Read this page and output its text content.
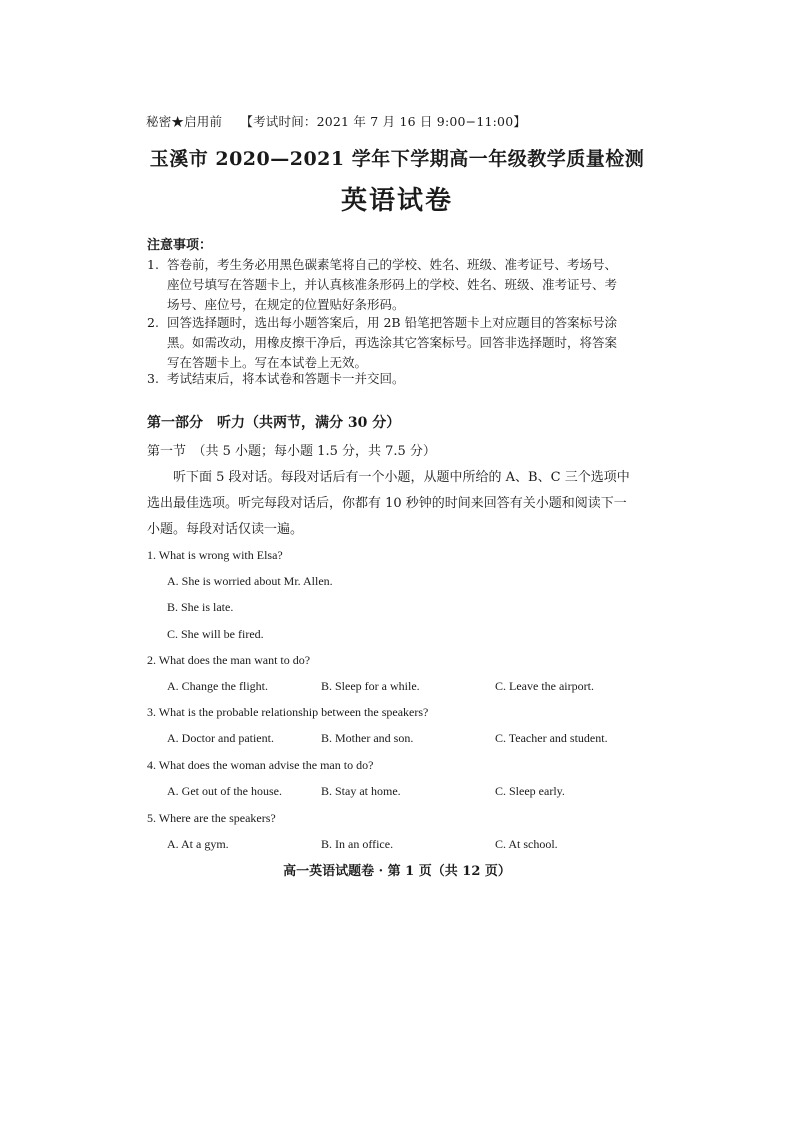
秘密★启用前 【考试时间：2021 年 7 月 16 日 9:00−11:00】
玉溪市 2020—2021 学年下学期高一年级教学质量检测
英语试卷
注意事项：
1. 答卷前，考生务必用黑色碳素笔将自己的学校、姓名、班级、准考证号、考场号、座位号填写在答题卡上，并认真核准条形码上的学校、姓名、班级、准考证号、考场号、座位号，在规定的位置贴好条形码。
2. 回答选择题时，选出每小题答案后，用 2B 铅笔把答题卡上对应题目的答案标号涂黑。如需改动，用橡皮擦干净后，再选涂其它答案标号。回答非选择题时，将答案写在答题卡上。写在本试卷上无效。
3. 考试结束后，将本试卷和答题卡一并交回。
第一部分　听力（共两节，满分 30 分）
第一节　（共 5 小题；每小题 1.5 分，共 7.5 分）
听下面 5 段对话。每段对话后有一个小题，从题中所给的 A、B、C 三个选项中选出最佳选项。听完每段对话后，你都有 10 秒钟的时间来回答有关小题和阅读下一小题。每段对话仅读一遍。
1. What is wrong with Elsa?
A. She is worried about Mr. Allen.
B. She is late.
C. She will be fired.
2. What does the man want to do?
A. Change the flight.	B. Sleep for a while.	C. Leave the airport.
3. What is the probable relationship between the speakers?
A. Doctor and patient.	B. Mother and son.	C. Teacher and student.
4. What does the woman advise the man to do?
A. Get out of the house.	B. Stay at home.	C. Sleep early.
5. Where are the speakers?
A. At a gym.	B. In an office.	C. At school.
高一英语试题卷 · 第 1 页（共 12 页）
